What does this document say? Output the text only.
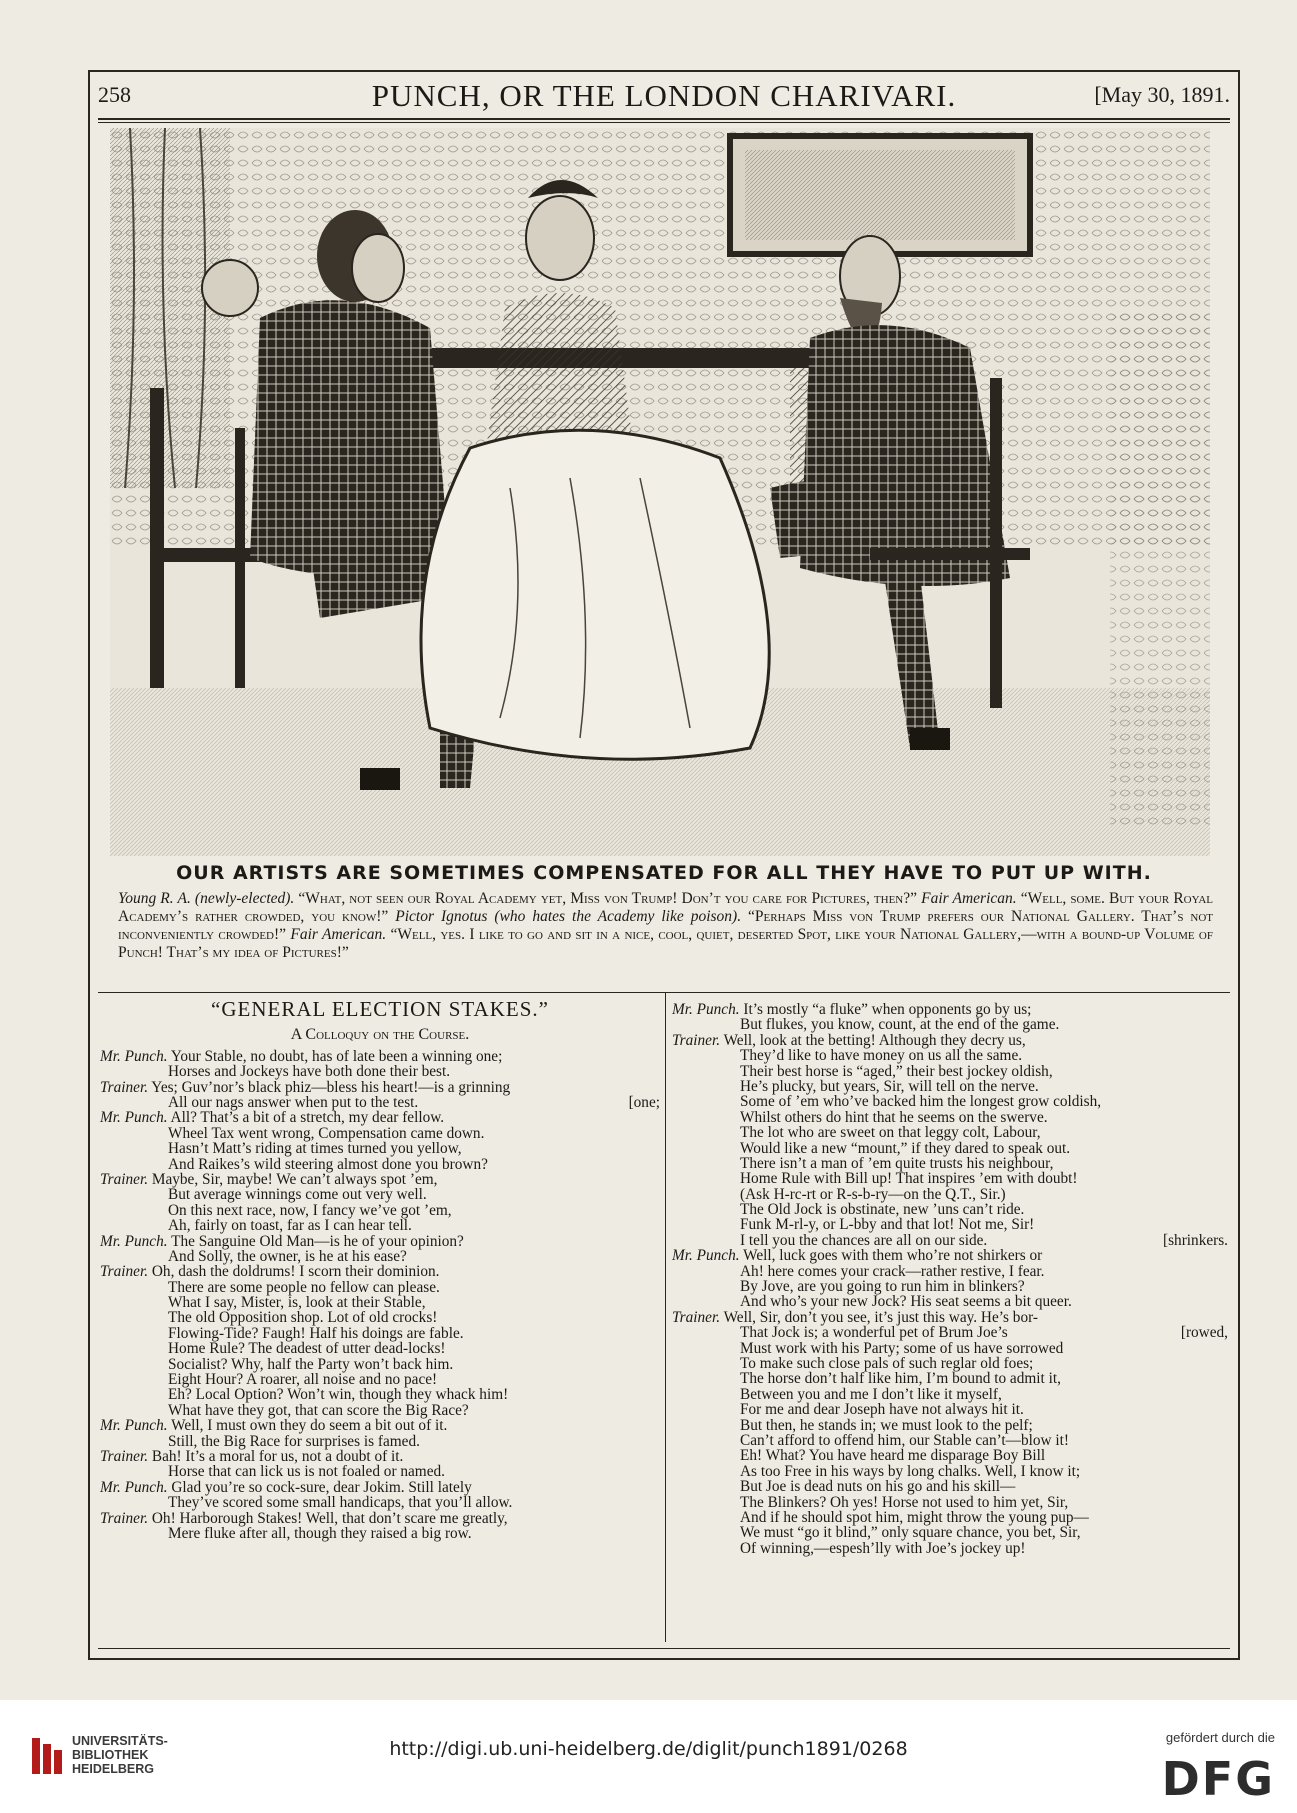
258	PUNCH, OR THE LONDON CHARIVARI.	[May 30, 1891.
OUR ARTISTS ARE SOMETIMES COMPENSATED FOR ALL THEY HAVE TO PUT UP WITH.
Young R. A. (newly-elected). “What, not seen our Royal Academy yet, Miss von Trump! Don’t you care for Pictures, then?” Fair American. “Well, some. But your Royal Academy’s rather crowded, you know!” Pictor Ignotus (who hates the Academy like poison). “Perhaps Miss von Trump prefers our National Gallery. That’s not inconveniently crowded!” Fair American. “Well, yes. I like to go and sit in a nice, cool, quiet, deserted Spot, like your National Gallery,—with a bound-up Volume of Punch! That’s my idea of Pictures!”
“GENERAL ELECTION STAKES.”
A Colloquy on the Course.
Mr. Punch. Your Stable, no doubt, has of late been a winning one;
Horses and Jockeys have both done their best.
Trainer. Yes; Guv’nor’s black phiz—bless his heart!—is a grinning
All our nags answer when put to the test.	[one;
Mr. Punch. All? That’s a bit of a stretch, my dear fellow.
Wheel Tax went wrong, Compensation came down.
Hasn’t Matt’s riding at times turned you yellow,
And Raikes’s wild steering almost done you brown?
Trainer. Maybe, Sir, maybe! We can’t always spot ’em,
But average winnings come out very well.
On this next race, now, I fancy we’ve got ’em,
Ah, fairly on toast, far as I can hear tell.
Mr. Punch. The Sanguine Old Man—is he of your opinion?
And Solly, the owner, is he at his ease?
Trainer. Oh, dash the doldrums! I scorn their dominion.
There are some people no fellow can please.
What I say, Mister, is, look at their Stable,
The old Opposition shop. Lot of old crocks!
Flowing-Tide? Faugh! Half his doings are fable.
Home Rule? The deadest of utter dead-locks!
Socialist? Why, half the Party won’t back him.
Eight Hour? A roarer, all noise and no pace!
Eh? Local Option? Won’t win, though they whack him!
What have they got, that can score the Big Race?
Mr. Punch. Well, I must own they do seem a bit out of it.
Still, the Big Race for surprises is famed.
Trainer. Bah! It’s a moral for us, not a doubt of it.
Horse that can lick us is not foaled or named.
Mr. Punch. Glad you’re so cock-sure, dear Jokim. Still lately
They’ve scored some small handicaps, that you’ll allow.
Trainer. Oh! Harborough Stakes! Well, that don’t scare me greatly,
Mere fluke after all, though they raised a big row.
Mr. Punch. It’s mostly “a fluke” when opponents go by us;
But flukes, you know, count, at the end of the game.
Trainer. Well, look at the betting! Although they decry us,
They’d like to have money on us all the same.
Their best horse is “aged,” their best jockey oldish,
He’s plucky, but years, Sir, will tell on the nerve.
Some of ’em who’ve backed him the longest grow coldish,
Whilst others do hint that he seems on the swerve.
The lot who are sweet on that leggy colt, Labour,
Would like a new “mount,” if they dared to speak out.
There isn’t a man of ’em quite trusts his neighbour,
Home Rule with Bill up! That inspires ’em with doubt!
(Ask H-rc-rt or R-s-b-ry—on the Q.T., Sir.)
The Old Jock is obstinate, new ’uns can’t ride.
Funk M-rl-y, or L-bby and that lot! Not me, Sir!
I tell you the chances are all on our side.	[shrinkers.
Mr. Punch. Well, luck goes with them who’re not shirkers or
Ah! here comes your crack—rather restive, I fear.
By Jove, are you going to run him in blinkers?
And who’s your new Jock? His seat seems a bit queer.
Trainer. Well, Sir, don’t you see, it’s just this way. He’s bor-
That Jock is; a wonderful pet of Brum Joe’s	[rowed,
Must work with his Party; some of us have sorrowed
To make such close pals of such reglar old foes;
The horse don’t half like him, I’m bound to admit it,
Between you and me I don’t like it myself,
For me and dear Joseph have not always hit it.
But then, he stands in; we must look to the pelf;
Can’t afford to offend him, our Stable can’t—blow it!
Eh! What? You have heard me disparage Boy Bill
As too Free in his ways by long chalks. Well, I know it;
But Joe is dead nuts on his go and his skill—
The Blinkers? Oh yes! Horse not used to him yet, Sir,
And if he should spot him, might throw the young pup—
We must “go it blind,” only square chance, you bet, Sir,
Of winning,—espesh’lly with Joe’s jockey up!
UNIVERSITÄTS-
BIBLIOTHEK
HEIDELBERG
http://digi.ub.uni-heidelberg.de/diglit/punch1891/0268
gefördert durch die
DFG
